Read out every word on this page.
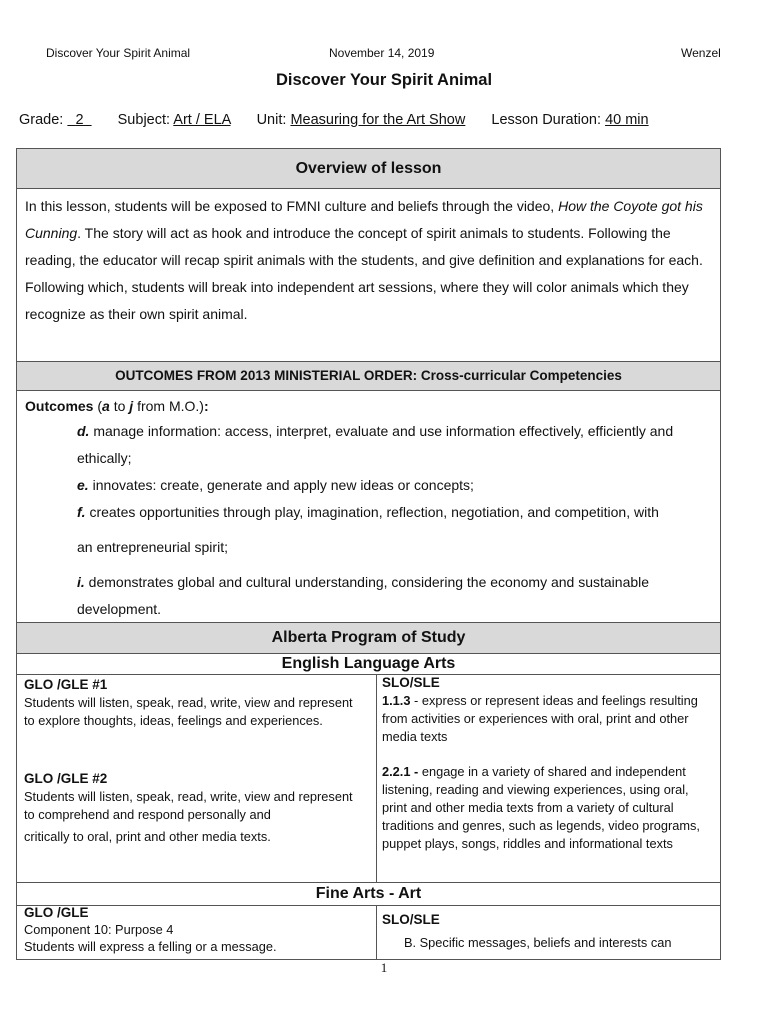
Discover Your Spirit Animal	November 14, 2019	Wenzel
Discover Your Spirit Animal
Grade: 2 Subject: Art / ELA Unit: Measuring for the Art Show Lesson Duration: 40 min
Overview of lesson
In this lesson, students will be exposed to FMNI culture and beliefs through the video, How the Coyote got his Cunning. The story will act as hook and introduce the concept of spirit animals to students. Following the reading, the educator will recap spirit animals with the students, and give definition and explanations for each. Following which, students will break into independent art sessions, where they will color animals which they recognize as their own spirit animal.
OUTCOMES FROM 2013 MINISTERIAL ORDER: Cross-curricular Competencies
Outcomes (a to j from M.O.):
d. manage information: access, interpret, evaluate and use information effectively, efficiently and ethically;
e. innovates: create, generate and apply new ideas or concepts;
f. creates opportunities through play, imagination, reflection, negotiation, and competition, with
an entrepreneurial spirit;
i. demonstrates global and cultural understanding, considering the economy and sustainable development.
Alberta Program of Study
English Language Arts
GLO /GLE #1
Students will listen, speak, read, write, view and represent to explore thoughts, ideas, feelings and experiences.
GLO /GLE #2
Students will listen, speak, read, write, view and represent to comprehend and respond personally and
critically to oral, print and other media texts.
SLO/SLE
1.1.3 - express or represent ideas and feelings resulting from activities or experiences with oral, print and other media texts
2.2.1 - engage in a variety of shared and independent listening, reading and viewing experiences, using oral, print and other media texts from a variety of cultural traditions and genres, such as legends, video programs, puppet plays, songs, riddles and informational texts
Fine Arts - Art
GLO /GLE
Component 10: Purpose 4
Students will express a felling or a message.
SLO/SLE
B. Specific messages, beliefs and interests can
1
